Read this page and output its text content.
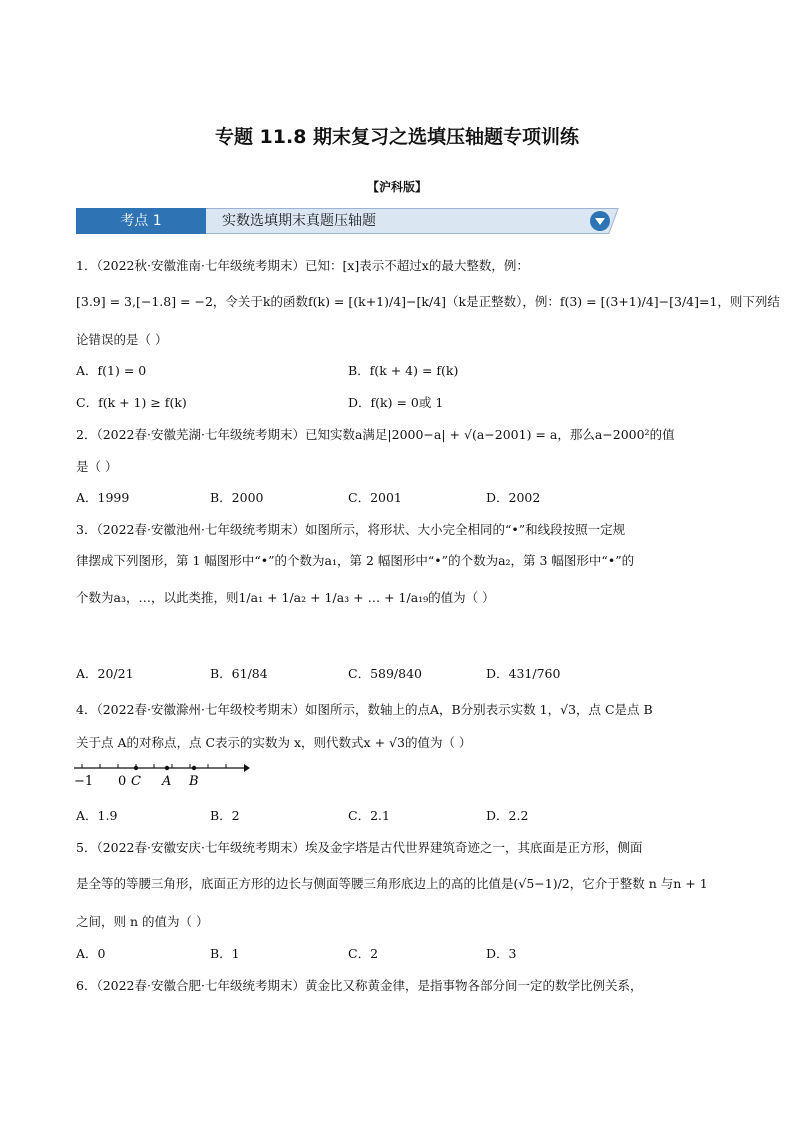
专题 11.8 期末复习之选填压轴题专项训练
【沪科版】
考点 1	实数选填期末真题压轴题
1．（2022秋·安徽淮南·七年级统考期末）已知：[x]表示不超过x的最大整数，例：
[3.9] = 3,[−1.8] = −2，令关于k的函数f(k) = [(k+1)/4]−[k/4]（k是正整数），例：f(3) = [(3+1)/4]−[3/4]=1，则下列结
论错误的是（ ）
A．f(1) = 0	B．f(k + 4) = f(k)
C．f(k + 1) ≥ f(k)	D．f(k) = 0或 1
2．（2022春·安徽芜湖·七年级统考期末）已知实数a满足|2000−a| + √(a−2001) = a，那么a−2000²的值
是（ ）
A．1999	B．2000	C．2001	D．2002
3．（2022春·安徽池州·七年级统考期末）如图所示，将形状、大小完全相同的“•”和线段按照一定规
律摆成下列图形，第 1 幅图形中“•”的个数为a₁，第 2 幅图形中“•”的个数为a₂，第 3 幅图形中“•”的
个数为a₃，…，以此类推，则1/a₁ + 1/a₂ + 1/a₃ + … + 1/a₁₉的值为（ ）
A．20/21	B．61/84	C．589/840	D．431/760
4．（2022春·安徽滁州·七年级校考期末）如图所示，数轴上的点A，B分别表示实数 1，√3，点 C是点 B
关于点 A的对称点，点 C表示的实数为 x，则代数式x + √3的值为（ ）
−1 0 C A B
A．1.9	B．2	C．2.1	D．2.2
5．（2022春·安徽安庆·七年级统考期末）埃及金字塔是古代世界建筑奇迹之一，其底面是正方形，侧面
是全等的等腰三角形，底面正方形的边长与侧面等腰三角形底边上的高的比值是(√5−1)/2，它介于整数 n 与n + 1
之间，则 n 的值为（ ）
A．0	B．1	C．2	D．3
6．（2022春·安徽合肥·七年级统考期末）黄金比又称黄金律，是指事物各部分间一定的数学比例关系，
